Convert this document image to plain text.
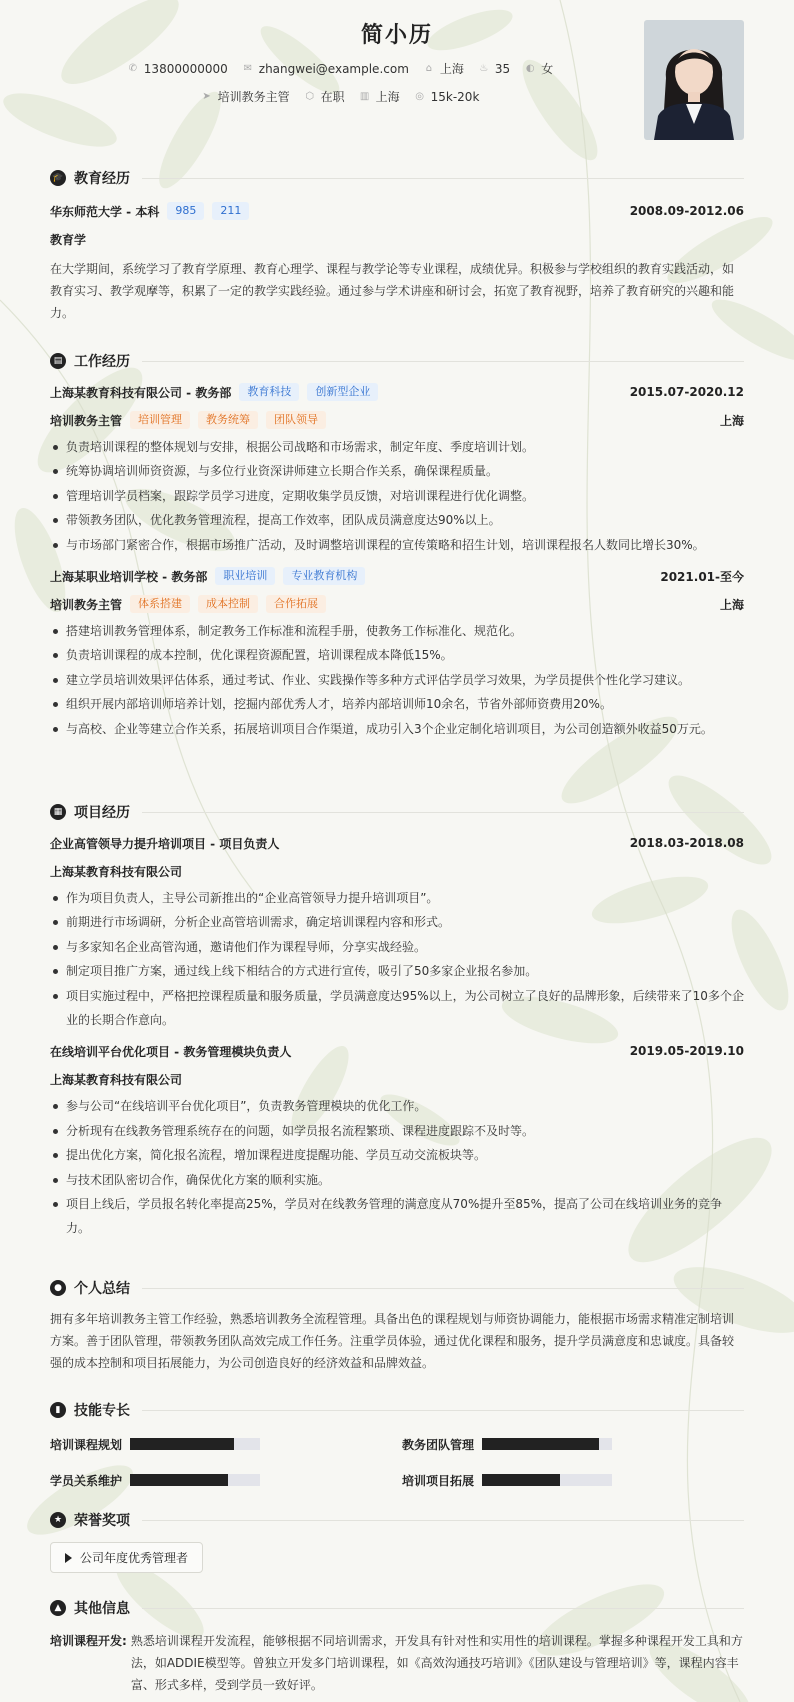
简小历
✆ 13800000000 ✉ zhangwei@example.com ⌂ 上海 ♨ 35 ◐ 女
➤ 培训教务主管 ⬡ 在职 ▥ 上海 ◎ 15k-20k
🎓 教育经历
华东师范大学 - 本科	985	211	2008.09-2012.06
教育学

在大学期间，系统学习了教育学原理、教育心理学、课程与教学论等专业课程，成绩优异。积极参与学校组织的教育实践活动，如教育实习、教学观摩等，积累了一定的教学实践经验。通过参与学术讲座和研讨会，拓宽了教育视野，培养了教育研究的兴趣和能力。

▤ 工作经历
上海某教育科技有限公司 - 教务部	教育科技	创新型企业	2015.07-2020.12
培训教务主管	培训管理	教务统筹	团队领导	上海
负责培训课程的整体规划与安排，根据公司战略和市场需求，制定年度、季度培训计划。
统筹协调培训师资资源，与多位行业资深讲师建立长期合作关系，确保课程质量。
管理培训学员档案，跟踪学员学习进度，定期收集学员反馈，对培训课程进行优化调整。
带领教务团队，优化教务管理流程，提高工作效率，团队成员满意度达90%以上。
与市场部门紧密合作，根据市场推广活动，及时调整培训课程的宣传策略和招生计划，培训课程报名人数同比增长30%。
上海某职业培训学校 - 教务部	职业培训	专业教育机构	2021.01-至今
培训教务主管	体系搭建	成本控制	合作拓展	上海
搭建培训教务管理体系，制定教务工作标准和流程手册，使教务工作标准化、规范化。
负责培训课程的成本控制，优化课程资源配置，培训课程成本降低15%。
建立学员培训效果评估体系，通过考试、作业、实践操作等多种方式评估学员学习效果，为学员提供个性化学习建议。
组织开展内部培训师培养计划，挖掘内部优秀人才，培养内部培训师10余名，节省外部师资费用20%。
与高校、企业等建立合作关系，拓展培训项目合作渠道，成功引入3个企业定制化培训项目，为公司创造额外收益50万元。
▦ 项目经历
企业高管领导力提升培训项目 - 项目负责人	2018.03-2018.08
上海某教育科技有限公司
作为项目负责人，主导公司新推出的“企业高管领导力提升培训项目”。
前期进行市场调研，分析企业高管培训需求，确定培训课程内容和形式。
与多家知名企业高管沟通，邀请他们作为课程导师，分享实战经验。
制定项目推广方案，通过线上线下相结合的方式进行宣传，吸引了50多家企业报名参加。
项目实施过程中，严格把控课程质量和服务质量，学员满意度达95%以上，为公司树立了良好的品牌形象，后续带来了10多个企业的长期合作意向。
在线培训平台优化项目 - 教务管理模块负责人	2019.05-2019.10
上海某教育科技有限公司
参与公司“在线培训平台优化项目”，负责教务管理模块的优化工作。
分析现有在线教务管理系统存在的问题，如学员报名流程繁琐、课程进度跟踪不及时等。
提出优化方案，简化报名流程，增加课程进度提醒功能、学员互动交流板块等。
与技术团队密切合作，确保优化方案的顺利实施。
项目上线后，学员报名转化率提高25%，学员对在线教务管理的满意度从70%提升至85%，提高了公司在线培训业务的竞争力。
● 个人总结

拥有多年培训教务主管工作经验，熟悉培训教务全流程管理。具备出色的课程规划与师资协调能力，能根据市场需求精准定制培训方案。善于团队管理，带领教务团队高效完成工作任务。注重学员体验，通过优化课程和服务，提升学员满意度和忠诚度。具备较强的成本控制和项目拓展能力，为公司创造良好的经济效益和品牌效益。

▮ 技能专长
培训课程规划	教务团队管理
学员关系维护	培训项目拓展
★ 荣誉奖项
公司年度优秀管理者
▲ 其他信息
培训课程开发: 熟悉培训课程开发流程，能够根据不同培训需求，开发具有针对性和实用性的培训课程。掌握多种课程开发工具和方法，如ADDIE模型等。曾独立开发多门培训课程，如《高效沟通技巧培训》《团队建设与管理培训》等，课程内容丰富、形式多样，受到学员一致好评。
